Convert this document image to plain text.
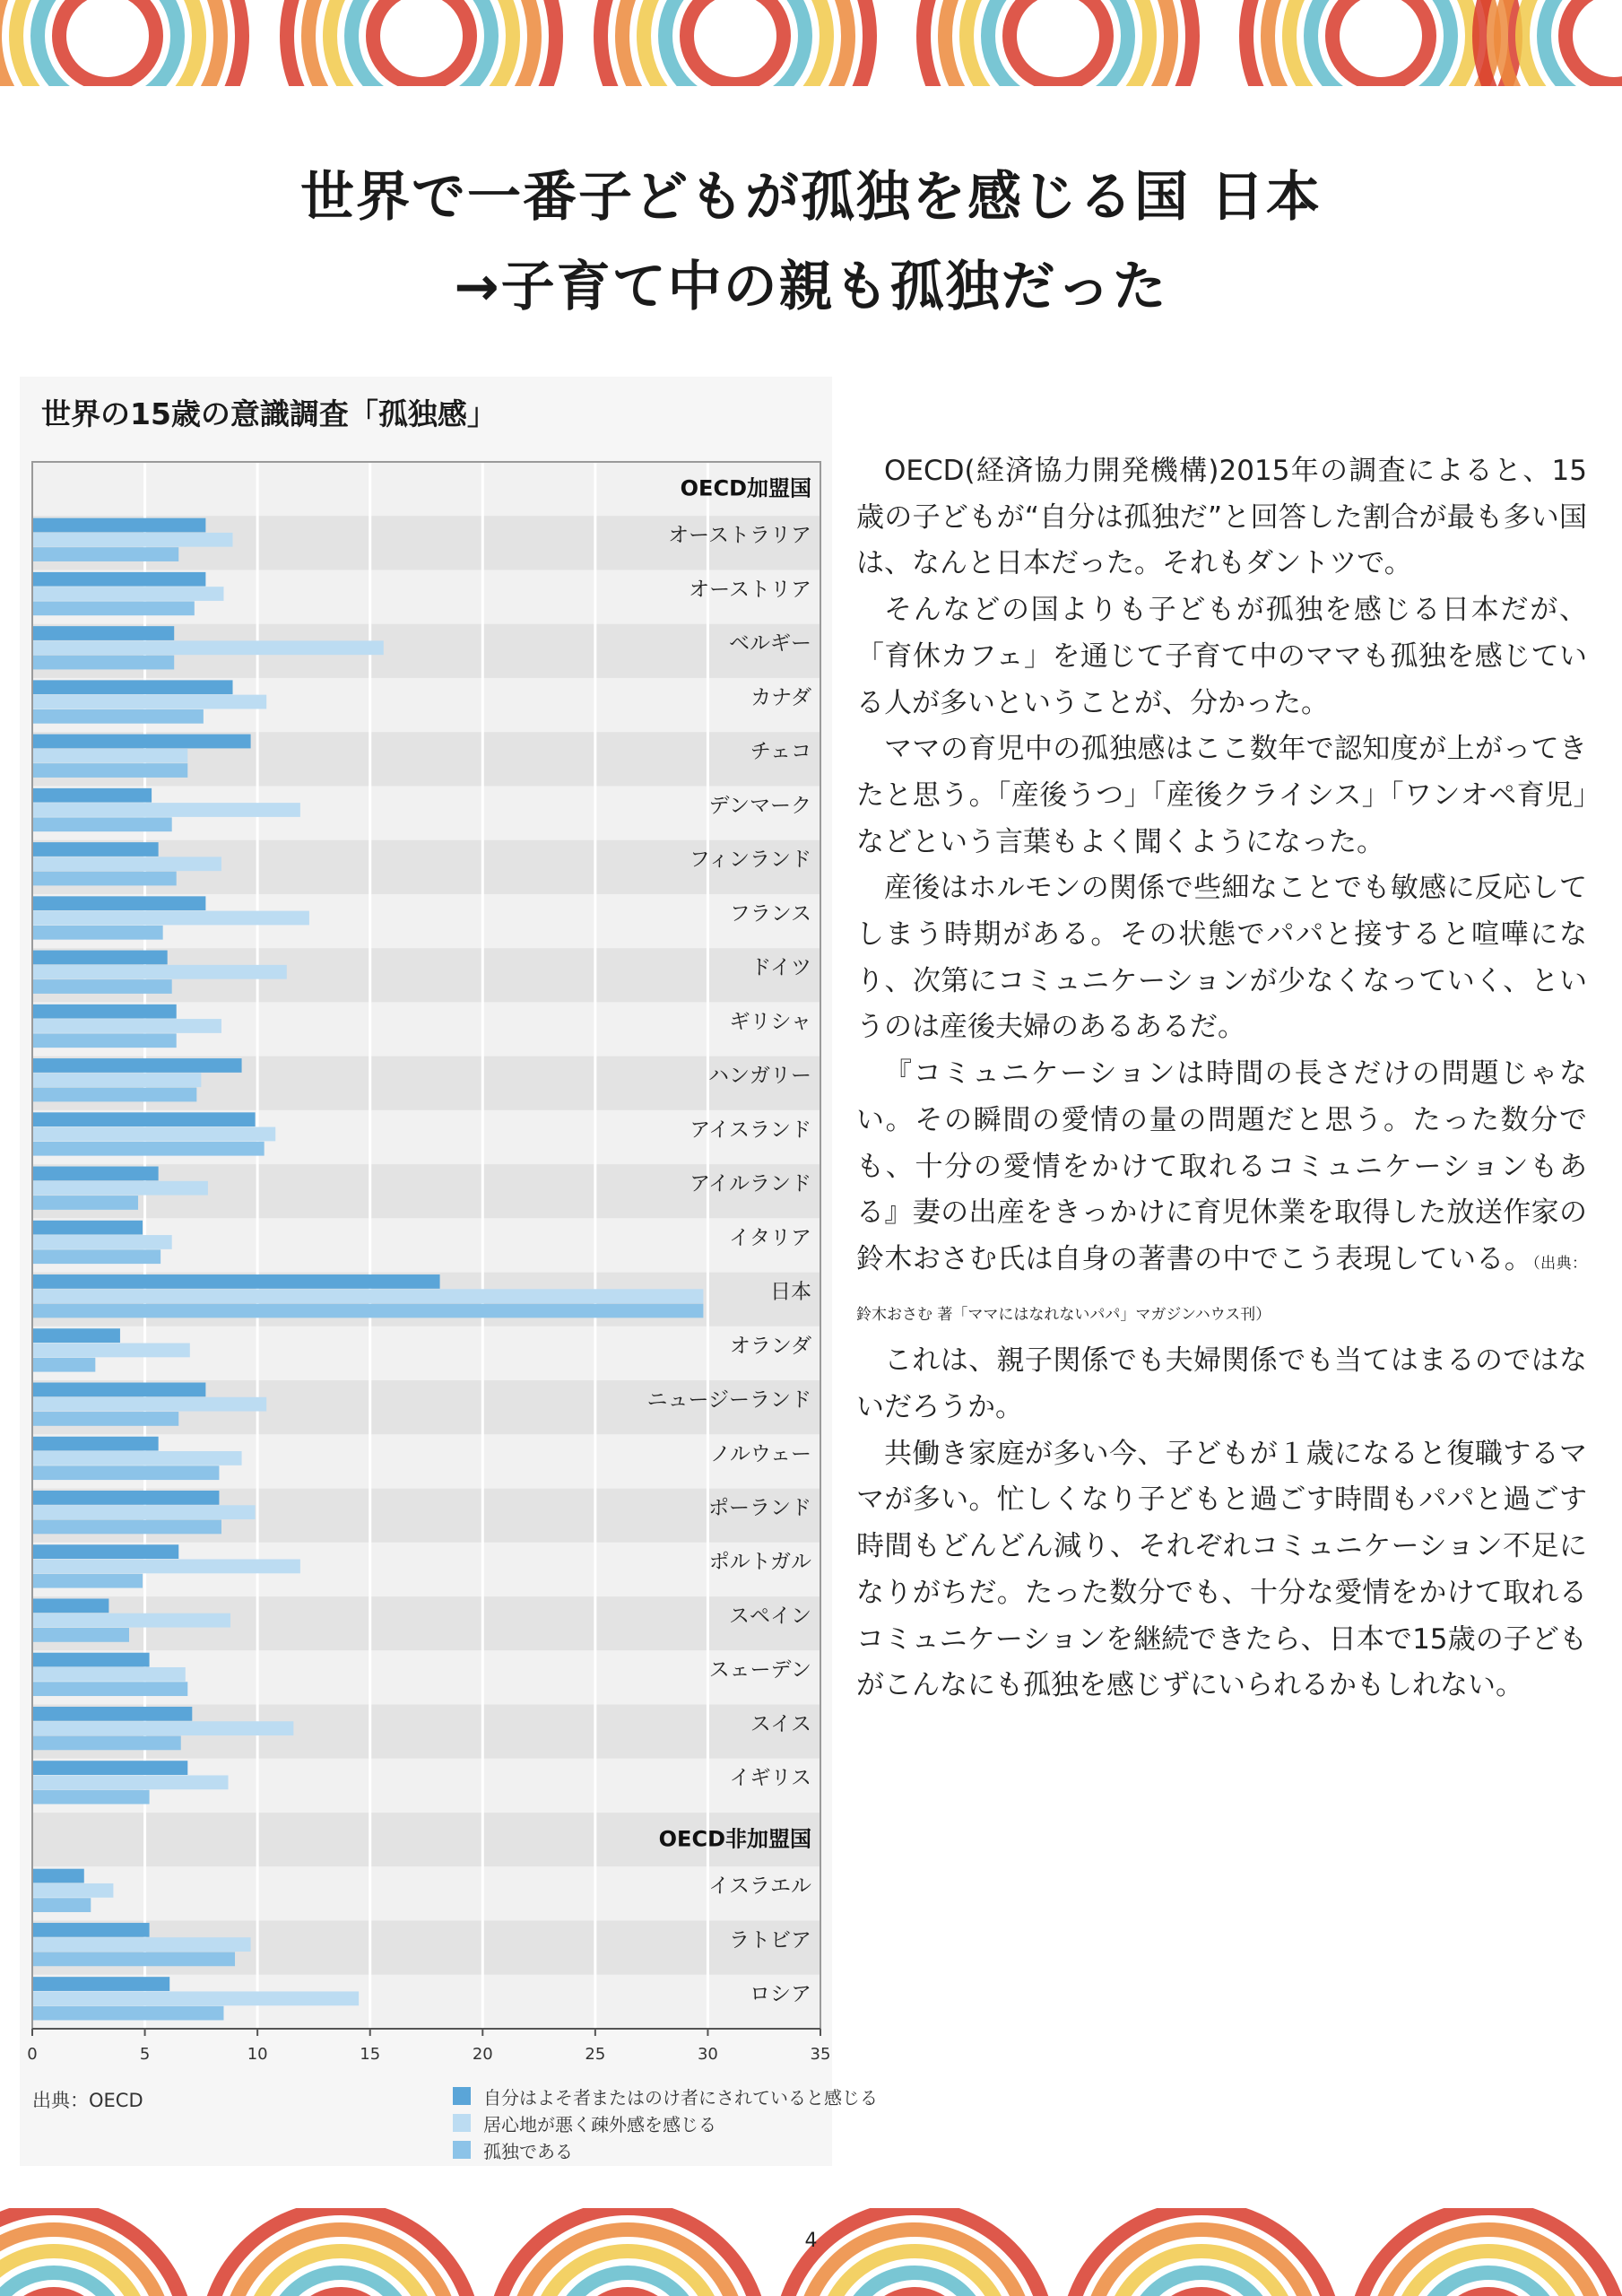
世界で一番子どもが孤独を感じる国 日本
→子育て中の親も孤独だった
世界の15歳の意識調査「孤独感」
OECD加盟国
オーストラリア
オーストリア
ベルギー
カナダ
チェコ
デンマーク
フィンランド
フランス
ドイツ
ギリシャ
ハンガリー
アイスランド
アイルランド
イタリア
日本
オランダ
ニュージーランド
ノルウェー
ポーランド
ポルトガル
スペイン
スェーデン
スイス
イギリス
OECD非加盟国
イスラエル
ラトビア
ロシア
0	5	10	15	20	25	30	35
出典：OECD	自分はよそ者またはのけ者にされていると感じる
居心地が悪く疎外感を感じる
孤独である

OECD(経済協力開発機構)2015年の調査によると、15歳の子どもが“自分は孤独だ”と回答した割合が最も多い国は、なんと日本だった。それもダントツで。

そんなどの国よりも子どもが孤独を感じる日本だが、「育休カフェ」を通じて子育て中のママも孤独を感じている人が多いということが、分かった。

ママの育児中の孤独感はここ数年で認知度が上がってきたと思う。「産後うつ」「産後クライシス」「ワンオペ育児」などという言葉もよく聞くようになった。

産後はホルモンの関係で些細なことでも敏感に反応してしまう時期がある。その状態でパパと接すると喧嘩になり、次第にコミュニケーションが少なくなっていく、というのは産後夫婦のあるあるだ。

『コミュニケーションは時間の長さだけの問題じゃない。その瞬間の愛情の量の問題だと思う。たった数分でも、十分の愛情をかけて取れるコミュニケーションもある』妻の出産をきっかけに育児休業を取得した放送作家の鈴木おさむ氏は自身の著書の中でこう表現している。（出典：鈴木おさむ 著「ママにはなれないパパ」マガジンハウス刊）

これは、親子関係でも夫婦関係でも当てはまるのではないだろうか。

共働き家庭が多い今、子どもが１歳になると復職するママが多い。忙しくなり子どもと過ごす時間もパパと過ごす時間もどんどん減り、それぞれコミュニケーション不足になりがちだ。たった数分でも、十分な愛情をかけて取れるコミュニケーションを継続できたら、日本で15歳の子どもがこんなにも孤独を感じずにいられるかもしれない。

4
